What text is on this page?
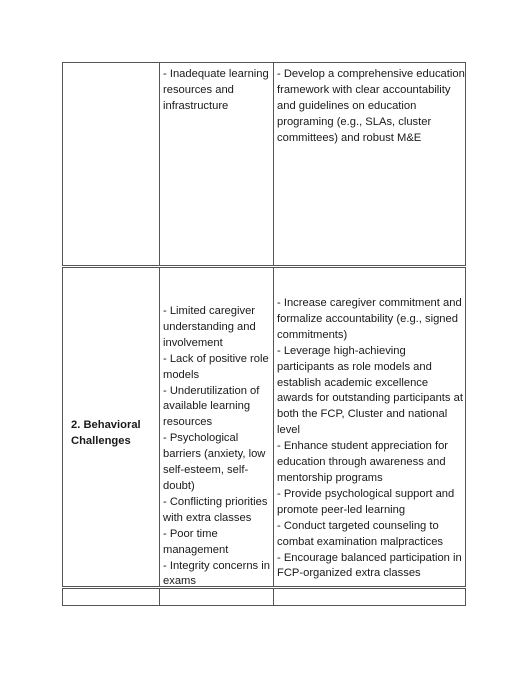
- Inadequate learning
resources and
infrastructure

- Develop a comprehensive education
framework with clear accountability
and guidelines on education
programing (e.g., SLAs, cluster
committees) and robust M&E

2. Behavioral
Challenges

- Limited caregiver
understanding and
involvement
- Lack of positive role
models
- Underutilization of
available learning
resources
- Psychological
barriers (anxiety, low
self-esteem, self-
doubt)
- Conflicting priorities
with extra classes
- Poor time
management
- Integrity concerns in
exams

- Increase caregiver commitment and
formalize accountability (e.g., signed
commitments)
- Leverage high-achieving
participants as role models and
establish academic excellence
awards for outstanding participants at
both the FCP, Cluster and national
level
- Enhance student appreciation for
education through awareness and
mentorship programs
- Provide psychological support and
promote peer-led learning
- Conduct targeted counseling to
combat examination malpractices
- Encourage balanced participation in
FCP-organized extra classes
